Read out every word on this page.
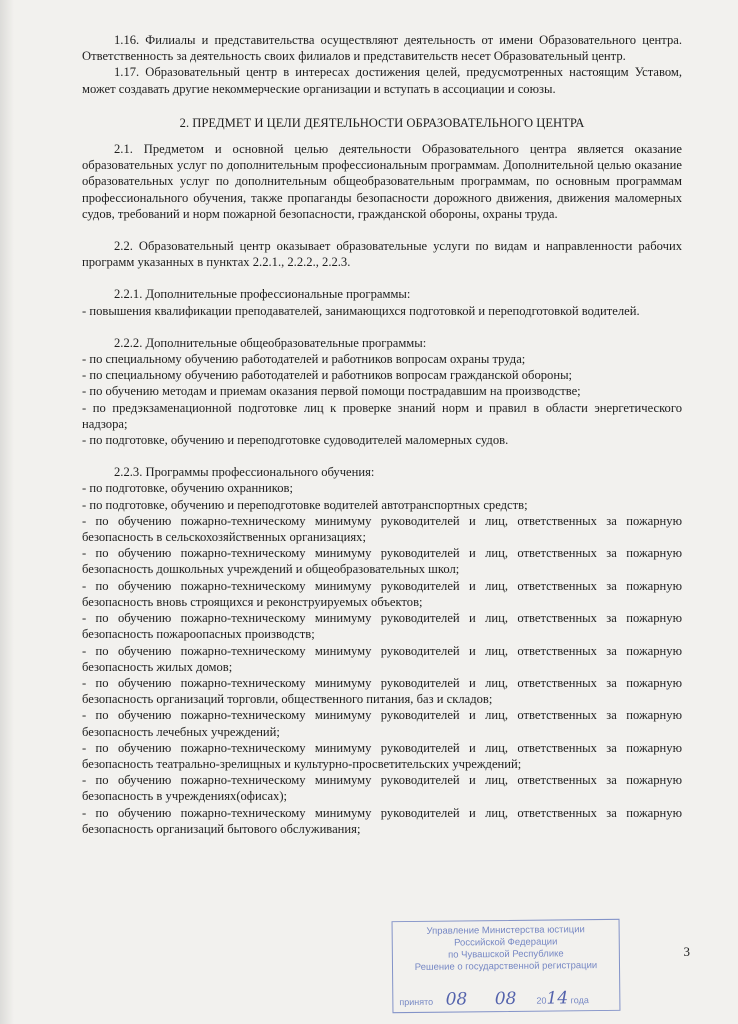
1.16. Филиалы и представительства осуществляют деятельность от имени Образовательного центра. Ответственность за деятельность своих филиалов и представительств несет Образовательный центр.

1.17. Образовательный центр в интересах достижения целей, предусмотренных настоящим Уставом, может создавать другие некоммерческие организации и вступать в ассоциации и союзы.

2. ПРЕДМЕТ И ЦЕЛИ ДЕЯТЕЛЬНОСТИ ОБРАЗОВАТЕЛЬНОГО ЦЕНТРА

2.1. Предметом и основной целью деятельности Образовательного центра является оказание образовательных услуг по дополнительным профессиональным программам. Дополнительной целью оказание образовательных услуг по дополнительным общеобразовательным программам, по основным программам профессионального обучения, также пропаганды безопасности дорожного движения, движения маломерных судов, требований и норм пожарной безопасности, гражданской обороны, охраны труда.

2.2. Образовательный центр оказывает образовательные услуги по видам и направленности рабочих программ указанных в пунктах 2.2.1., 2.2.2., 2.2.3.

2.2.1. Дополнительные профессиональные программы:

- повышения квалификации преподавателей, занимающихся подготовкой и переподготовкой водителей.

2.2.2. Дополнительные общеобразовательные программы:

- по специальному обучению работодателей и работников вопросам охраны труда;

- по специальному обучению работодателей и работников вопросам гражданской обороны;

- по обучению методам и приемам оказания первой помощи пострадавшим на производстве;

- по предэкзаменационной подготовке лиц к проверке знаний норм и правил в области энергетического надзора;

- по подготовке, обучению и переподготовке судоводителей маломерных судов.

2.2.3. Программы профессионального обучения:

- по подготовке, обучению охранников;

- по подготовке, обучению и переподготовке водителей автотранспортных средств;

- по обучению пожарно-техническому минимуму руководителей и лиц, ответственных за пожарную безопасность в сельскохозяйственных организациях;

- по обучению пожарно-техническому минимуму руководителей и лиц, ответственных за пожарную безопасность дошкольных учреждений и общеобразовательных школ;

- по обучению пожарно-техническому минимуму руководителей и лиц, ответственных за пожарную безопасность вновь строящихся и реконструируемых объектов;

- по обучению пожарно-техническому минимуму руководителей и лиц, ответственных за пожарную безопасность пожароопасных производств;

- по обучению пожарно-техническому минимуму руководителей и лиц, ответственных за пожарную безопасность жилых домов;

- по обучению пожарно-техническому минимуму руководителей и лиц, ответственных за пожарную безопасность организаций торговли, общественного питания, баз и складов;

- по обучению пожарно-техническому минимуму руководителей и лиц, ответственных за пожарную безопасность лечебных учреждений;

- по обучению пожарно-техническому минимуму руководителей и лиц, ответственных за пожарную безопасность театрально-зрелищных и культурно-просветительских учреждений;

- по обучению пожарно-техническому минимуму руководителей и лиц, ответственных за пожарную безопасность в учреждениях(офисах);

- по обучению пожарно-техническому минимуму руководителей и лиц, ответственных за пожарную безопасность организаций бытового обслуживания;

3
Управление Министерства юстиции
Российской Федерации
по Чувашской Республике
Решение о государственной регистрации
принято 08 08 2014 года
